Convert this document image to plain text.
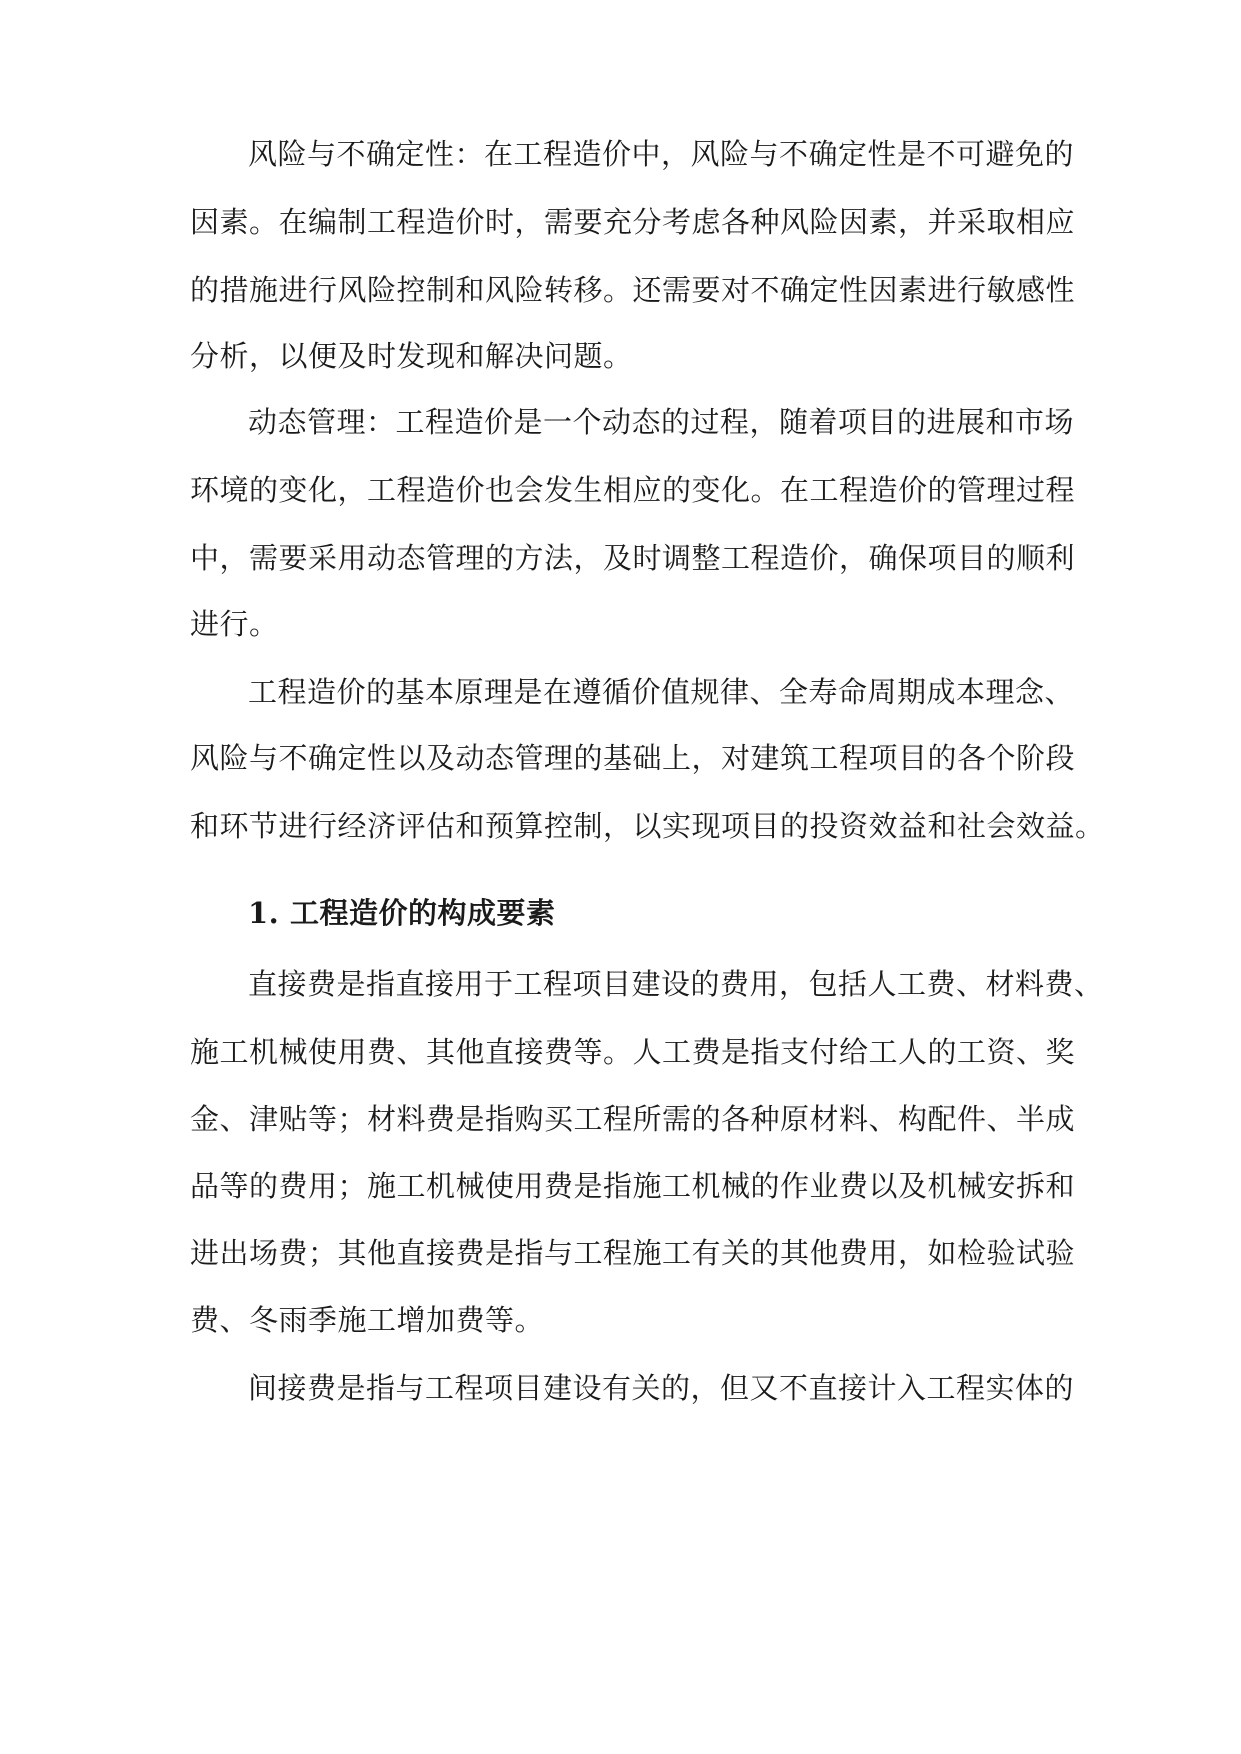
风险与不确定性：在工程造价中，风险与不确定性是不可避免的
因素。在编制工程造价时，需要充分考虑各种风险因素，并采取相应
的措施进行风险控制和风险转移。还需要对不确定性因素进行敏感性
分析，以便及时发现和解决问题。
动态管理：工程造价是一个动态的过程，随着项目的进展和市场
环境的变化，工程造价也会发生相应的变化。在工程造价的管理过程
中，需要采用动态管理的方法，及时调整工程造价，确保项目的顺利
进行。
工程造价的基本原理是在遵循价值规律、全寿命周期成本理念、
风险与不确定性以及动态管理的基础上，对建筑工程项目的各个阶段
和环节进行经济评估和预算控制，以实现项目的投资效益和社会效益。
1. 工程造价的构成要素
直接费是指直接用于工程项目建设的费用，包括人工费、材料费、
施工机械使用费、其他直接费等。人工费是指支付给工人的工资、奖
金、津贴等；材料费是指购买工程所需的各种原材料、构配件、半成
品等的费用；施工机械使用费是指施工机械的作业费以及机械安拆和
进出场费；其他直接费是指与工程施工有关的其他费用，如检验试验
费、冬雨季施工增加费等。
间接费是指与工程项目建设有关的，但又不直接计入工程实体的
